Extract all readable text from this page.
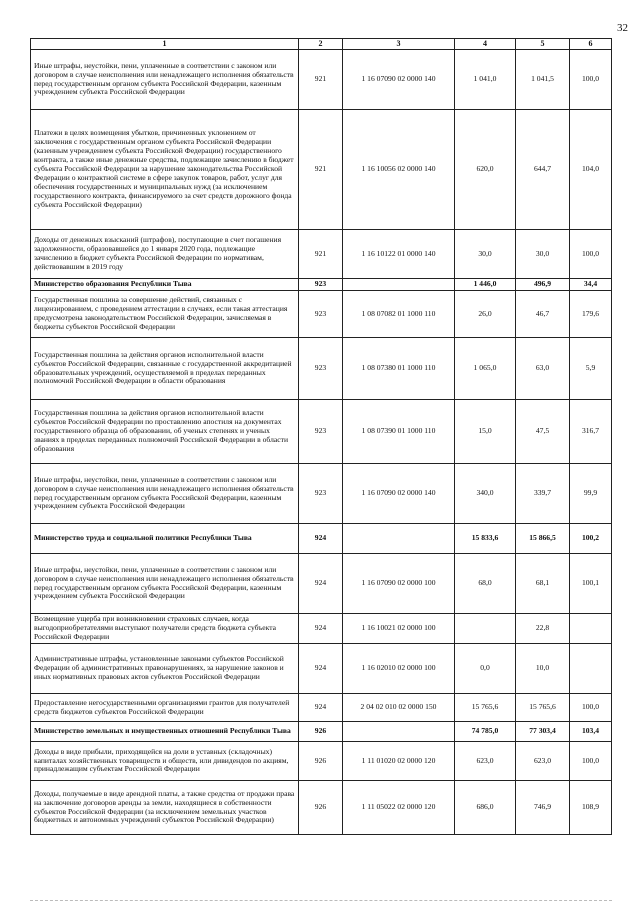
32
1	2	3	4	5	6
Иные штрафы, неустойки, пени, уплаченные в соответствии с законом или договором в случае неисполнения или ненадлежащего исполнения обязательств перед государственным органом субъекта Российской Федерации, казенным учреждением субъекта Российской Федерации	921	1 16 07090 02 0000 140	1 041,0	1 041,5	100,0
Платежи в целях возмещения убытков, причиненных уклонением от заключения с государственным органом субъекта Российской Федерации (казенным учреждением субъекта Российской Федерации) государственного контракта, а также иные денежные средства, подлежащие зачислению в бюджет субъекта Российской Федерации за нарушение законодательства Российской Федерации о контрактной системе в сфере закупок товаров, работ, услуг для обеспечения государственных и муниципальных нужд (за исключением государственного контракта, финансируемого за счет средств дорожного фонда субъекта Российской Федерации)	921	1 16 10056 02 0000 140	620,0	644,7	104,0
Доходы от денежных взысканий (штрафов), поступающие в счет погашения задолженности, образовавшейся до 1 января 2020 года, подлежащие зачислению в бюджет субъекта Российской Федерации по нормативам, действовавшим в 2019 году	921	1 16 10122 01 0000 140	30,0	30,0	100,0
Министерство образования Республики Тыва	923		1 446,0	496,9	34,4
Государственная пошлина за совершение действий, связанных с лицензированием, с проведением аттестации в случаях, если такая аттестация предусмотрена законодательством Российской Федерации, зачисляемая в бюджеты субъектов Российской Федерации	923	1 08 07082 01 1000 110	26,0	46,7	179,6
Государственная пошлина за действия органов исполнительной власти субъектов Российской Федерации, связанные с государственной аккредитацией образовательных учреждений, осуществляемой в пределах переданных полномочий Российской Федерации в области образования	923	1 08 07380 01 1000 110	1 065,0	63,0	5,9
Государственная пошлина за действия органов исполнительной власти субъектов Российской Федерации по проставлению апостиля на документах государственного образца об образовании, об ученых степенях и ученых званиях в пределах переданных полномочий Российской Федерации в области образования	923	1 08 07390 01 1000 110	15,0	47,5	316,7
Иные штрафы, неустойки, пени, уплаченные в соответствии с законом или договором в случае неисполнения или ненадлежащего исполнения обязательств перед государственным органом субъекта Российской Федерации, казенным учреждением субъекта Российской Федерации	923	1 16 07090 02 0000 140	340,0	339,7	99,9
Министерство труда и социальной политики Республики Тыва	924		15 833,6	15 866,5	100,2
Иные штрафы, неустойки, пени, уплаченные в соответствии с законом или договором в случае неисполнения или ненадлежащего исполнения обязательств перед государственным органом субъекта Российской Федерации, казенным учреждением субъекта Российской Федерации	924	1 16 07090 02 0000 100	68,0	68,1	100,1
Возмещение ущерба при возникновении страховых случаев, когда выгодоприобретателями выступают получатели средств бюджета субъекта Российской Федерации	924	1 16 10021 02 0000 100		22,8	
Административные штрафы, установленные законами субъектов Российской Федерации об административных правонарушениях, за нарушение законов и иных нормативных правовых актов субъектов Российской Федерации	924	1 16 02010 02 0000 100	0,0	10,0	
Предоставление негосударственными организациями грантов для получателей средств бюджетов субъектов Российской Федерации	924	2 04 02 010 02 0000 150	15 765,6	15 765,6	100,0
Министерство земельных и имущественных отношений Республики Тыва	926		74 785,0	77 303,4	103,4
Доходы в виде прибыли, приходящейся на доли в уставных (складочных) капиталах хозяйственных товариществ и обществ, или дивидендов по акциям, принадлежащим субъектам Российской Федерации	926	1 11 01020 02 0000 120	623,0	623,0	100,0
Доходы, получаемые в виде арендной платы, а также средства от продажи права на заключение договоров аренды за земли, находящиеся в собственности субъектов Российской Федерации (за исключением земельных участков бюджетных и автономных учреждений субъектов Российской Федерации)	926	1 11 05022 02 0000 120	686,0	746,9	108,9
